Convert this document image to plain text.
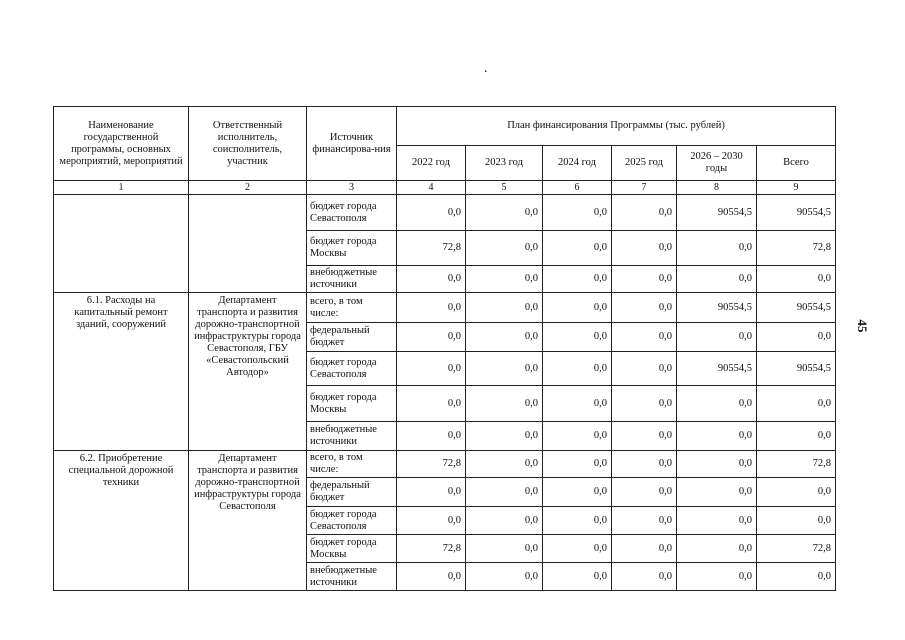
.
45
Наименование государственной программы, основных мероприятий, мероприятий	Ответственный исполнитель, соисполнитель, участник	Источник финансирова-ния	План финансирования Программы (тыс. рублей)					
			2022 год	2023 год	2024 год	2025 год	2026 – 2030 годы	Всего
1	2	3	4	5	6	7	8	9
		бюджет города Севастополя	0,0	0,0	0,0	0,0	90554,5	90554,5
		бюджет города Москвы	72,8	0,0	0,0	0,0	0,0	72,8
		внебюджетные источники	0,0	0,0	0,0	0,0	0,0	0,0
6.1. Расходы на капитальный ремонт зданий, сооружений	Департамент транспорта и развития дорожно-транспортной инфраструктуры города Севастополя, ГБУ «Севастопольский Автодор»	всего, в том числе:	0,0	0,0	0,0	0,0	90554,5	90554,5
		федеральный бюджет	0,0	0,0	0,0	0,0	0,0	0,0
		бюджет города Севастополя	0,0	0,0	0,0	0,0	90554,5	90554,5
		бюджет города Москвы	0,0	0,0	0,0	0,0	0,0	0,0
		внебюджетные источники	0,0	0,0	0,0	0,0	0,0	0,0
6.2. Приобретение специальной дорожной техники	Департамент транспорта и развития дорожно-транспортной инфраструктуры города Севастополя	всего, в том числе:	72,8	0,0	0,0	0,0	0,0	72,8
		федеральный бюджет	0,0	0,0	0,0	0,0	0,0	0,0
		бюджет города Севастополя	0,0	0,0	0,0	0,0	0,0	0,0
		бюджет города Москвы	72,8	0,0	0,0	0,0	0,0	72,8
		внебюджетные источники	0,0	0,0	0,0	0,0	0,0	0,0
